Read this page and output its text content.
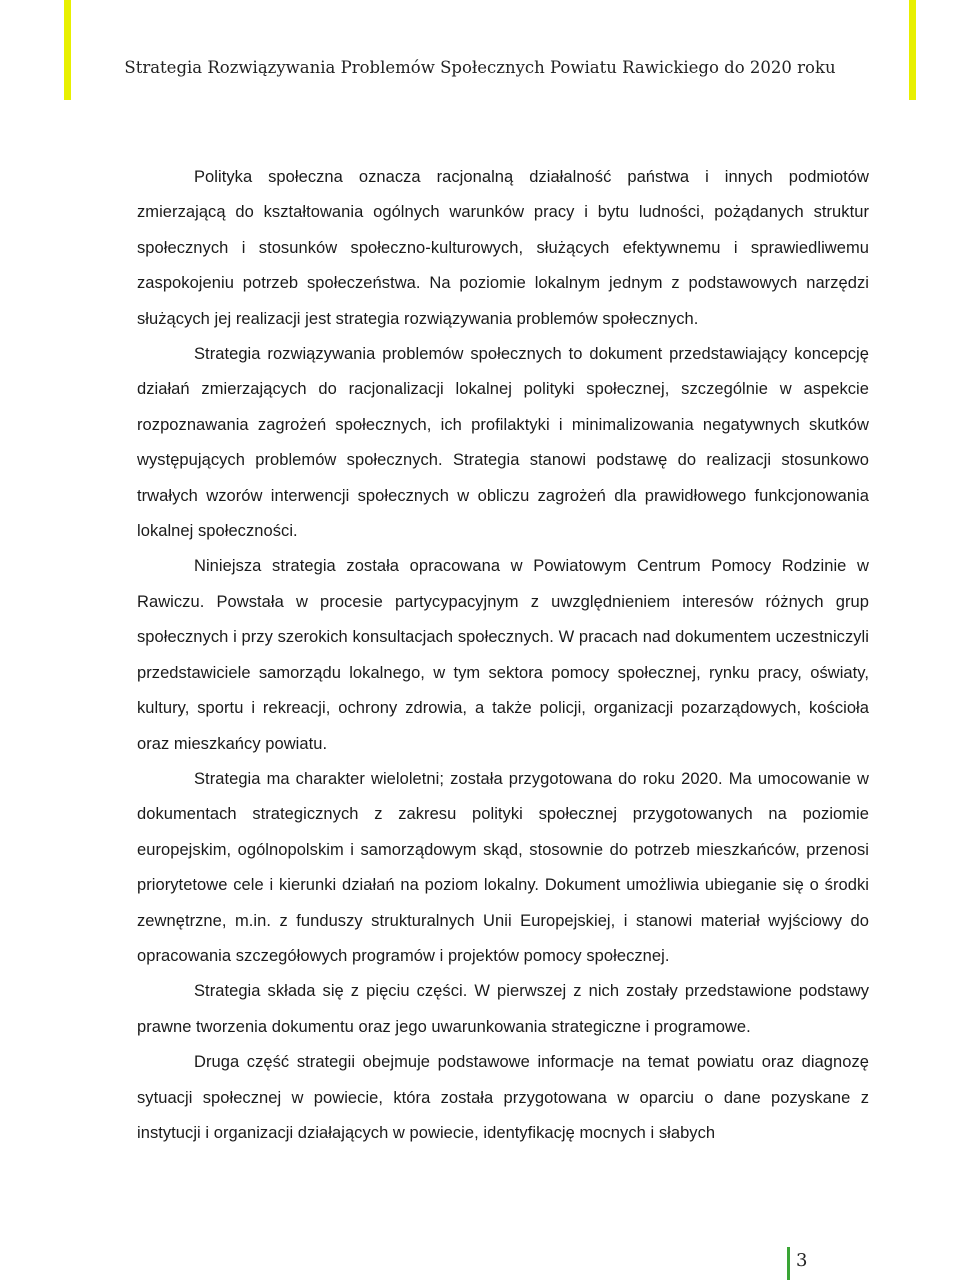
Strategia Rozwiązywania Problemów Społecznych Powiatu Rawickiego do 2020 roku

Polityka społeczna oznacza racjonalną działalność państwa i innych podmiotów zmierzającą do kształtowania ogólnych warunków pracy i bytu ludności, pożądanych struktur społecznych i stosunków społeczno-kulturowych, służących efektywnemu i sprawiedliwemu zaspokojeniu potrzeb społeczeństwa. Na poziomie lokalnym jednym z podstawowych narzędzi służących jej realizacji jest strategia rozwiązywania problemów społecznych.

Strategia rozwiązywania problemów społecznych to dokument przedstawiający koncepcję działań zmierzających do racjonalizacji lokalnej polityki społecznej, szczególnie w aspekcie rozpoznawania zagrożeń społecznych, ich profilaktyki i minimalizowania negatywnych skutków występujących problemów społecznych. Strategia stanowi podstawę do realizacji stosunkowo trwałych wzorów interwencji społecznych w obliczu zagrożeń dla prawidłowego funkcjonowania lokalnej społeczności.

Niniejsza strategia została opracowana w Powiatowym Centrum Pomocy Rodzinie w Rawiczu. Powstała w procesie partycypacyjnym z uwzględnieniem interesów różnych grup społecznych i przy szerokich konsultacjach społecznych. W pracach nad dokumentem uczestniczyli przedstawiciele samorządu lokalnego, w tym sektora pomocy społecznej, rynku pracy, oświaty, kultury, sportu i rekreacji, ochrony zdrowia, a także policji, organizacji pozarządowych, kościoła oraz mieszkańcy powiatu.

Strategia ma charakter wieloletni; została przygotowana do roku 2020. Ma umocowanie w dokumentach strategicznych z zakresu polityki społecznej przygotowanych na poziomie europejskim, ogólnopolskim i samorządowym skąd, stosownie do potrzeb mieszkańców, przenosi priorytetowe cele i kierunki działań na poziom lokalny. Dokument umożliwia ubieganie się o środki zewnętrzne, m.in. z funduszy strukturalnych Unii Europejskiej, i stanowi materiał wyjściowy do opracowania szczegółowych programów i projektów pomocy społecznej.

Strategia składa się z pięciu części. W pierwszej z nich zostały przedstawione podstawy prawne tworzenia dokumentu oraz jego uwarunkowania strategiczne i programowe.

Druga część strategii obejmuje podstawowe informacje na temat powiatu oraz diagnozę sytuacji społecznej w powiecie, która została przygotowana w oparciu o dane pozyskane z instytucji i organizacji działających w powiecie, identyfikację mocnych i słabych

3
